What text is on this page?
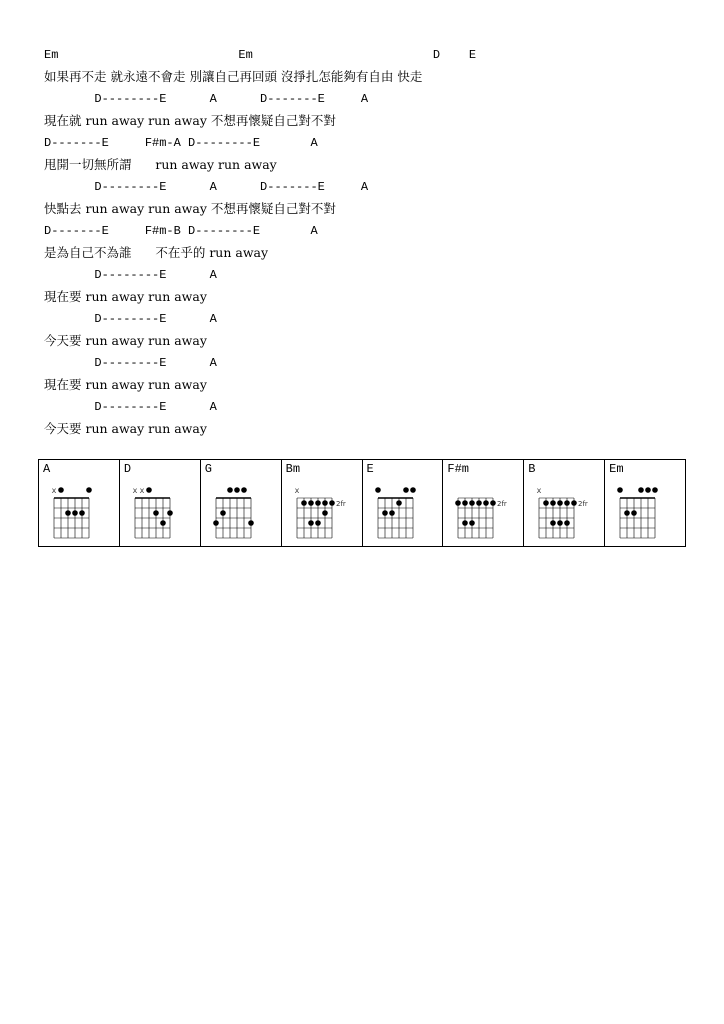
Em                         Em                         D    E
如果再不走 就永遠不會走 別讓自己再回頭 沒掙扎怎能夠有自由 快走
D--------E      A      D-------E     A
現在就 run away run away 不想再懷疑自己對不對
D-------E     F#m-A D--------E       A
甩開一切無所謂      run away run away
D--------E      A      D-------E     A
快點去 run away run away 不想再懷疑自己對不對
D-------E     F#m-B D--------E       A
是為自己不為誰      不在乎的 run away
D--------E      A
現在要 run away run away
D--------E      A
今天要 run away run away
D--------E      A
現在要 run away run away
D--------E      A
今天要 run away run away
A
x
D
x x
G	Bm
x
2fr
E	F#m
2fr
B
x
2fr
Em
